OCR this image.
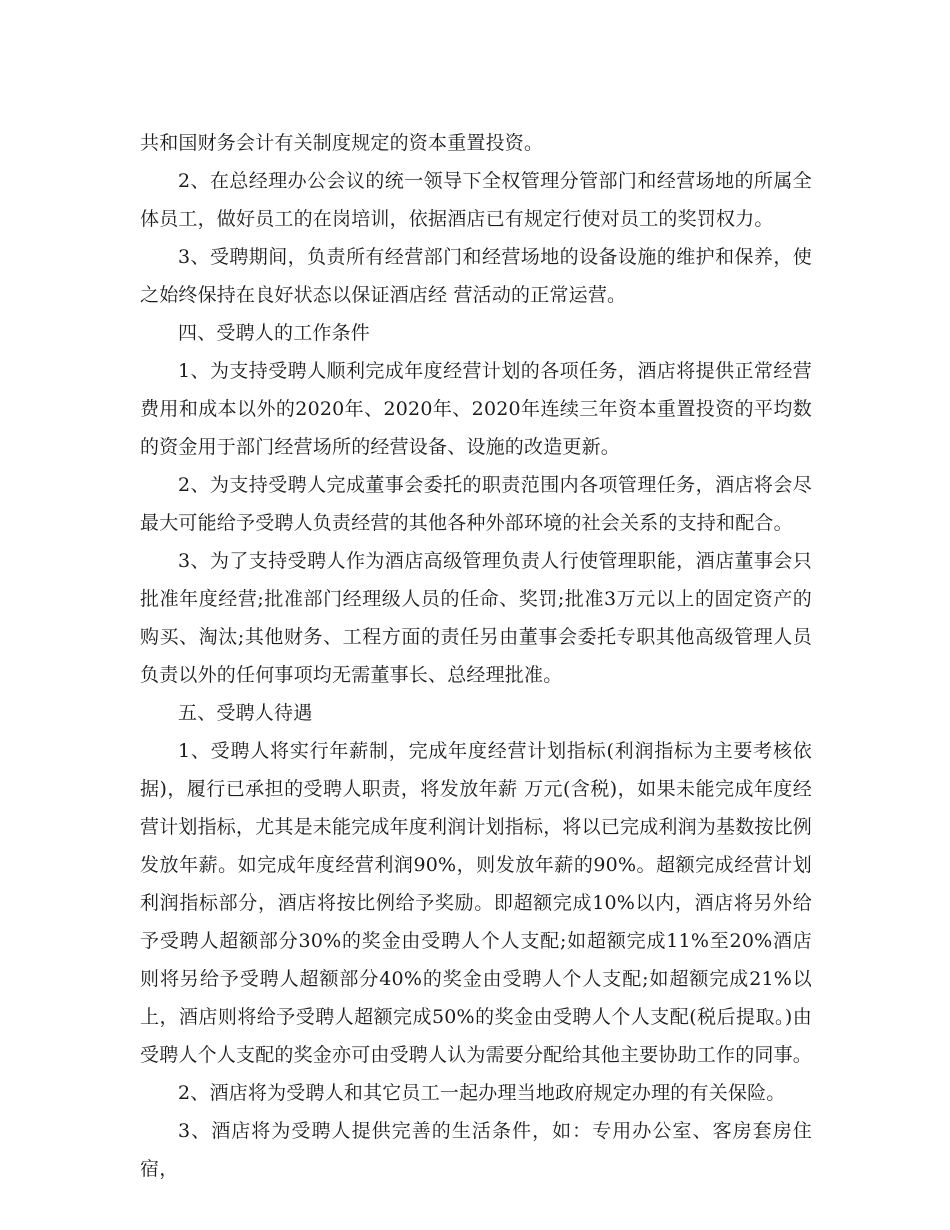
共和国财务会计有关制度规定的资本重置投资。

2、在总经理办公会议的统一领导下全权管理分管部门和经营场地的所属全体员工，做好员工的在岗培训，依据酒店已有规定行使对员工的奖罚权力。

3、受聘期间，负责所有经营部门和经营场地的设备设施的维护和保养，使之始终保持在良好状态以保证酒店经 营活动的正常运营。

四、受聘人的工作条件

1、为支持受聘人顺利完成年度经营计划的各项任务，酒店将提供正常经营费用和成本以外的2020年、2020年、2020年连续三年资本重置投资的平均数的资金用于部门经营场所的经营设备、设施的改造更新。

2、为支持受聘人完成董事会委托的职责范围内各项管理任务，酒店将会尽最大可能给予受聘人负责经营的其他各种外部环境的社会关系的支持和配合。

3、为了支持受聘人作为酒店高级管理负责人行使管理职能，酒店董事会只批准年度经营;批准部门经理级人员的任命、奖罚;批准3万元以上的固定资产的购买、淘汰;其他财务、工程方面的责任另由董事会委托专职其他高级管理人员负责以外的任何事项均无需董事长、总经理批准。

五、受聘人待遇

1、受聘人将实行年薪制，完成年度经营计划指标(利润指标为主要考核依据)，履行已承担的受聘人职责，将发放年薪 万元(含税)，如果未能完成年度经营计划指标，尤其是未能完成年度利润计划指标，将以已完成利润为基数按比例发放年薪。如完成年度经营利润90%，则发放年薪的90%。超额完成经营计划利润指标部分，酒店将按比例给予奖励。即超额完成10%以内，酒店将另外给予受聘人超额部分30%的奖金由受聘人个人支配;如超额完成11%至20%酒店则将另给予受聘人超额部分40%的奖金由受聘人个人支配;如超额完成21%以上，酒店则将给予受聘人超额完成50%的奖金由受聘人个人支配(税后提取。)由受聘人个人支配的奖金亦可由受聘人认为需要分配给其他主要协助工作的同事。

2、酒店将为受聘人和其它员工一起办理当地政府规定办理的有关保险。

3、酒店将为受聘人提供完善的生活条件，如：专用办公室、客房套房住宿，
